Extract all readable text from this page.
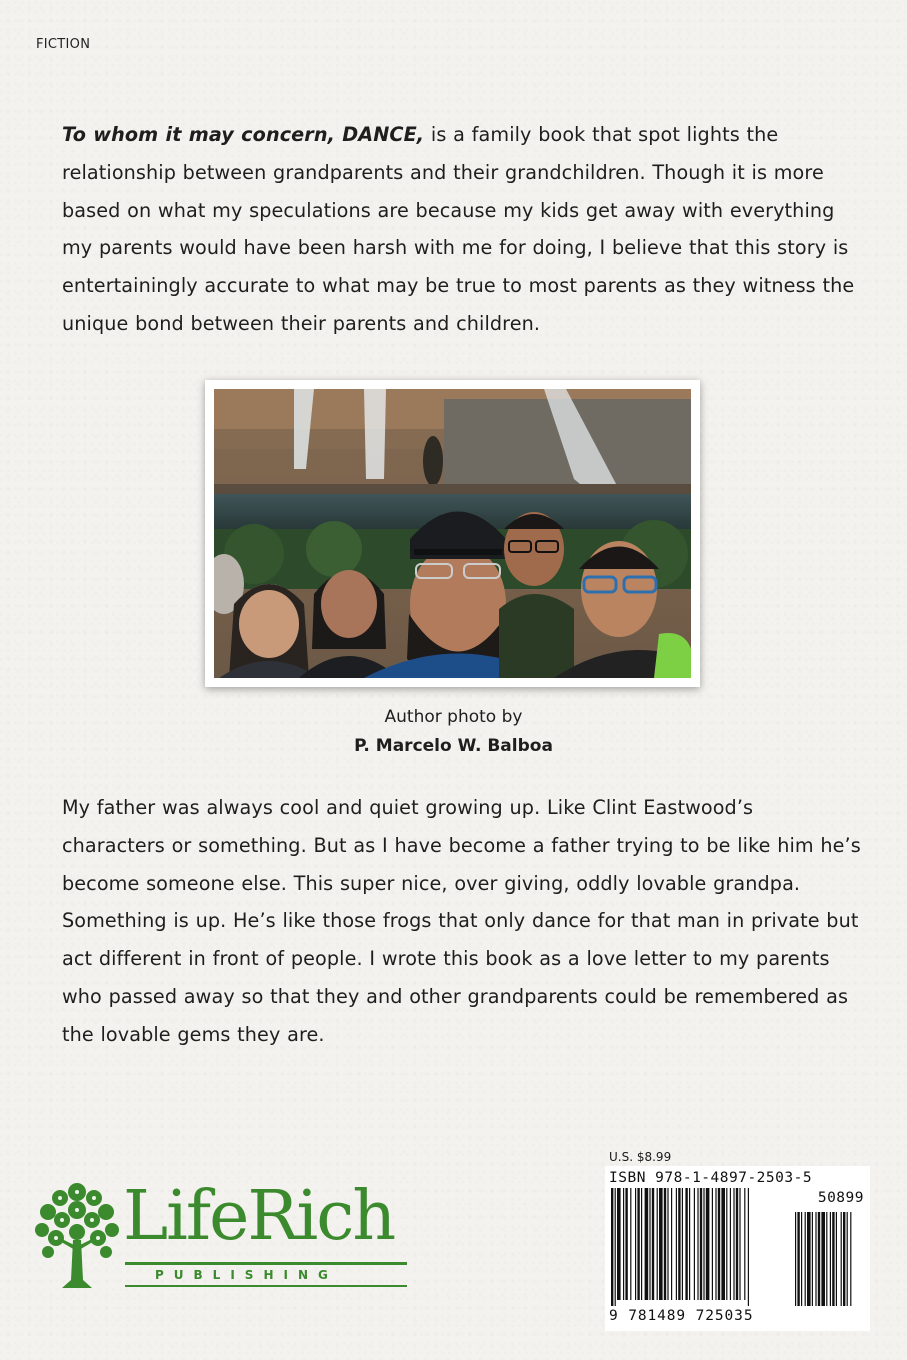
FICTION
To whom it may concern, DANCE, is a family book that spot lights the relationship between grandparents and their grandchildren. Though it is more based on what my speculations are because my kids get away with everything my parents would have been harsh with me for doing, I believe that this story is entertainingly accurate to what may be true to most parents as they witness the unique bond between their parents and children.
Author photo by
P. Marcelo W. Balboa
My father was always cool and quiet growing up. Like Clint Eastwood’s characters or something. But as I have become a father trying to be like him he’s become someone else. This super nice, over giving, oddly lovable grandpa. Something is up. He’s like those frogs that only dance for that man in private but act different in front of people. I wrote this book as a love letter to my parents who passed away so that they and other grandparents could be remembered as the lovable gems they are.
LifeRich
PUBLISHING
U.S. $8.99
ISBN 978-1-4897-2503-5
50899
9 781489 725035
